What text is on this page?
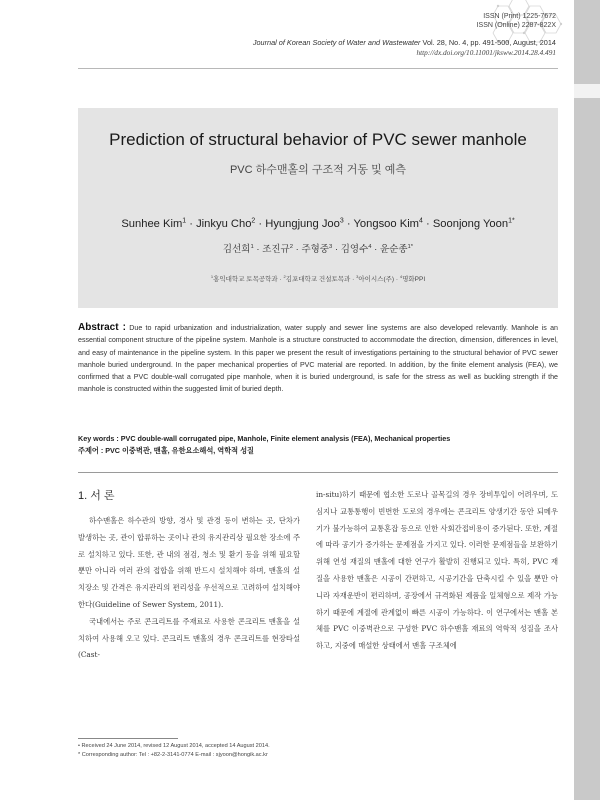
ISSN (Print) 1225-7672
ISSN (Online) 2287-822X
Journal of Korean Society of Water and Wastewater Vol. 28, No. 4, pp. 491-500, August, 2014
http://dx.doi.org/10.11001/jksww.2014.28.4.491
Prediction of structural behavior of PVC sewer manhole
PVC 하수맨홀의 구조적 거동 및 예측
Sunhee Kim$^1$ · Jinkyu Cho$^2$ · Hyungjung Joo$^3$ · Yongsoo Kim$^4$ · Soonjong Yoon$^{1*}$
김선희$^1$ · 조진규$^2$ · 주형중$^3$ · 김영수$^4$ · 윤순종$^{1*}$
$^1$홍익대학교 토목공학과 · $^2$김포대학교 건설토목과 · $^3$아이시스(주) · $^4$명화PPI
Abstract : Due to rapid urbanization and industrialization, water supply and sewer line systems are also developed relevantly. Manhole is an essential component structure of the pipeline system. Manhole is a structure constructed to accommodate the direction, dimension, differences in level, and easy of maintenance in the pipeline system. In this paper we present the result of investigations pertaining to the structural behavior of PVC sewer manhole buried underground. In the paper mechanical properties of PVC material are reported. In addition, by the finite element analysis (FEA), we confirmed that a PVC double-wall corrugated pipe manhole, when it is buried underground, is safe for the stress as well as buckling strength if the manhole is constructed within the suggested limit of buried depth.
Key words : PVC double-wall corrugated pipe, Manhole, Finite element analysis (FEA), Mechanical properties
주제어 : PVC 이중벽관, 맨홀, 유한요소해석, 역학적 성질
1. 서 론

하수맨홀은 하수관의 방향, 경사 및 관경 등이 변하는 곳, 단차가 발생하는 곳, 관이 합류하는 곳이나 관의 유지관리상 필요한 장소에 주로 설치하고 있다. 또한, 관 내의 점검, 청소 및 환기 등을 위해 필요할 뿐만 아니라 여러 관의 접합을 위해 반드시 설치해야 하며, 맨홀의 설치장소 및 간격은 유지관리의 편리성을 우선적으로 고려하여 설치해야 한다(Guideline of Sewer System, 2011).

국내에서는 주로 콘크리트를 주재료로 사용한 콘크리트 맨홀을 설치하여 사용해 오고 있다. 콘크리트 맨홀의 경우 콘크리트를 현장타설(Cast-

in-situ)하기 때문에 협소한 도로나 골목길의 경우 장비투입이 어려우며, 도심지나 교통통행이 빈번한 도로의 경우에는 콘크리트 양생기간 동안 되메우기가 불가능하여 교통혼잡 등으로 인한 사회간접비용이 증가된다. 또한, 계절에 따라 공기가 증가하는 문제점을 가지고 있다. 이러한 문제점들을 보완하기 위해 연성 재질의 맨홀에 대한 연구가 활발히 진행되고 있다. 특히, PVC 재질을 사용한 맨홀은 시공이 간편하고, 시공기간을 단축시킬 수 있을 뿐만 아니라 자재운반이 편리하며, 공장에서 규격화된 제품을 일체형으로 제작 가능하기 때문에 계절에 관계없이 빠른 시공이 가능하다. 이 연구에서는 맨홀 본체를 PVC 이중벽관으로 구성한 PVC 하수맨홀 재료의 역학적 성질을 조사하고, 지중에 매설한 상태에서 맨홀 구조체에

• Received 24 June 2014, revised 12 August 2014, accepted 14 August 2014.
* Corresponding author: Tel : +82-2-3141-0774 E-mail : sjyoon@hongik.ac.kr
